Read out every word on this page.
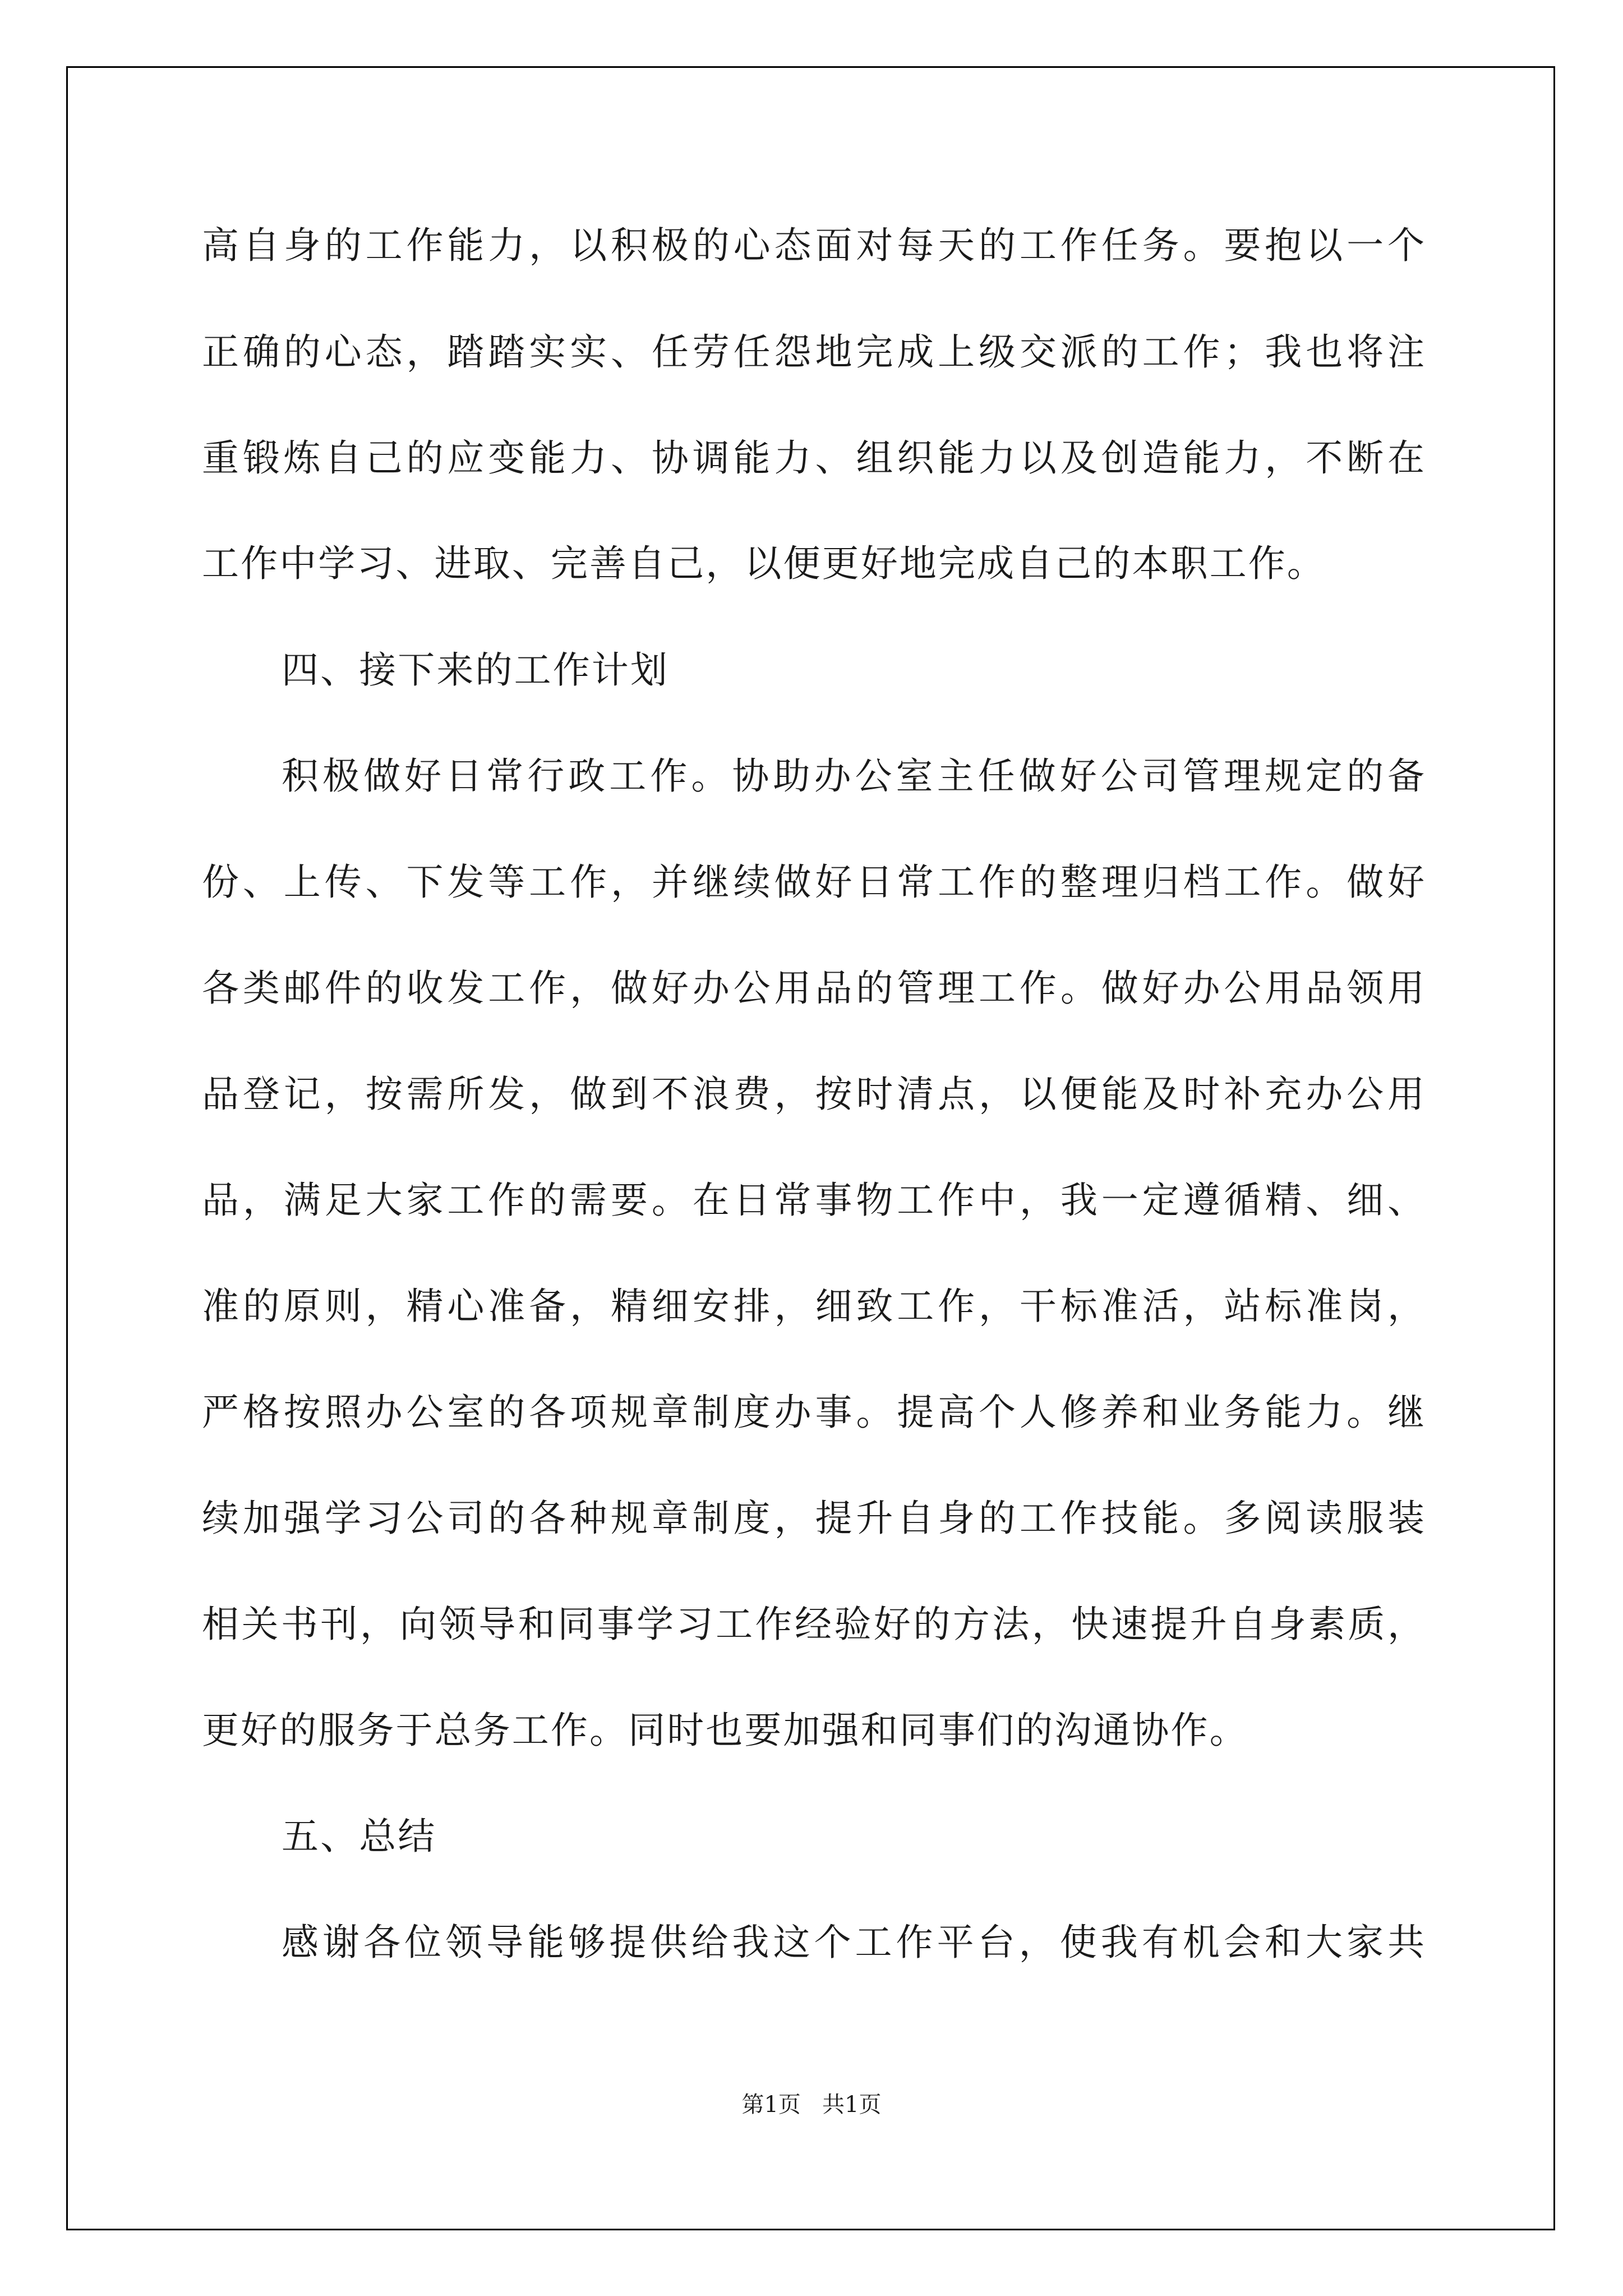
高自身的工作能力，以积极的心态面对每天的工作任务。要抱以一个
正确的心态，踏踏实实、任劳任怨地完成上级交派的工作；我也将注
重锻炼自己的应变能力、协调能力、组织能力以及创造能力，不断在
工作中学习、进取、完善自己，以便更好地完成自己的本职工作。
四、接下来的工作计划
积极做好日常行政工作。协助办公室主任做好公司管理规定的备
份、上传、下发等工作，并继续做好日常工作的整理归档工作。做好
各类邮件的收发工作，做好办公用品的管理工作。做好办公用品领用
品登记，按需所发，做到不浪费，按时清点，以便能及时补充办公用
品，满足大家工作的需要。在日常事物工作中，我一定遵循精、细、
准的原则，精心准备，精细安排，细致工作，干标准活，站标准岗，
严格按照办公室的各项规章制度办事。提高个人修养和业务能力。继
续加强学习公司的各种规章制度，提升自身的工作技能。多阅读服装
相关书刊，向领导和同事学习工作经验好的方法，快速提升自身素质，
更好的服务于总务工作。同时也要加强和同事们的沟通协作。
五、总结
感谢各位领导能够提供给我这个工作平台，使我有机会和大家共
第1页   共1页
